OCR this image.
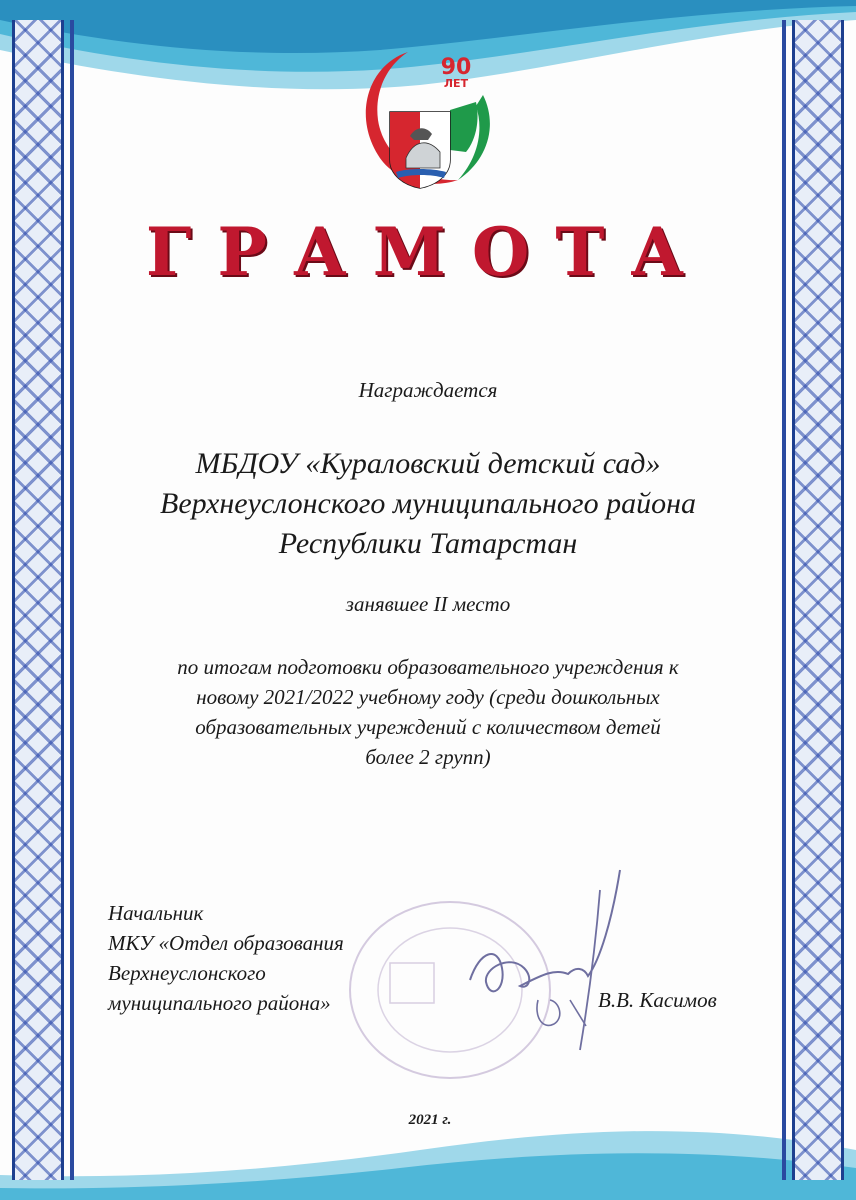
90
ЛЕТ
ГРАМОТА

Награждается

МБДОУ «Кураловский детский сад»
Верхнеуслонского муниципального района
Республики Татарстан

занявшее II место

по итогам подготовки образовательного учреждения к
новому 2021/2022 учебному году (среди дошкольных
образовательных учреждений с количеством детей
более 2 групп)

Начальник
МКУ «Отдел образования
Верхнеуслонского
муниципального района»	В.В. Касимов

2021 г.
